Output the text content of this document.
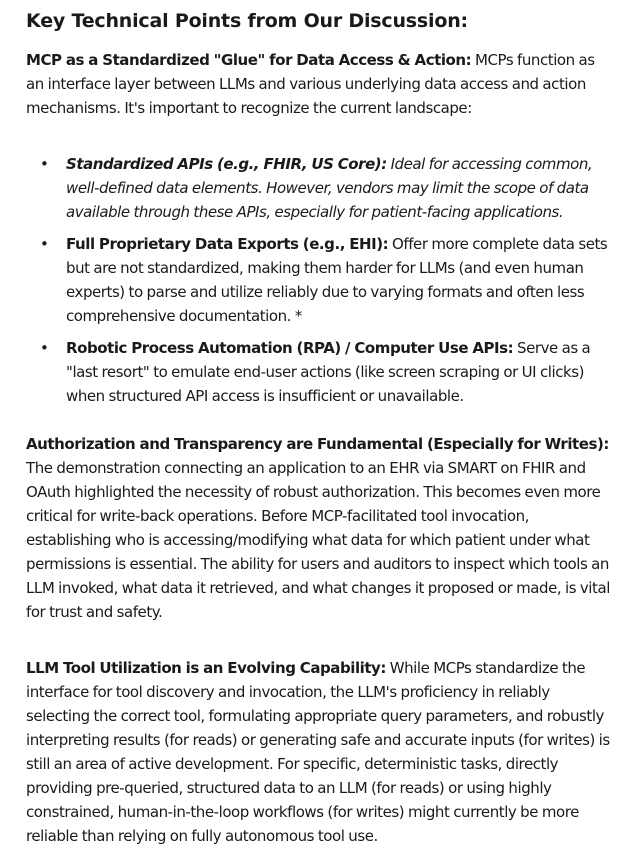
Key Technical Points from Our Discussion:

MCP as a Standardized "Glue" for Data Access & Action: MCPs function as an interface layer between LLMs and various underlying data access and action mechanisms. It's important to recognize the current landscape:

• Standardized APIs (e.g., FHIR, US Core): Ideal for accessing common, well-defined data elements. However, vendors may limit the scope of data available through these APIs, especially for patient-facing applications.
• Full Proprietary Data Exports (e.g., EHI): Offer more complete data sets but are not standardized, making them harder for LLMs (and even human experts) to parse and utilize reliably due to varying formats and often less comprehensive documentation. *
• Robotic Process Automation (RPA) / Computer Use APIs: Serve as a "last resort" to emulate end-user actions (like screen scraping or UI clicks) when structured API access is insufficient or unavailable.

Authorization and Transparency are Fundamental (Especially for Writes): The demonstration connecting an application to an EHR via SMART on FHIR and OAuth highlighted the necessity of robust authorization. This becomes even more critical for write-back operations. Before MCP-facilitated tool invocation, establishing who is accessing/modifying what data for which patient under what permissions is essential. The ability for users and auditors to inspect which tools an LLM invoked, what data it retrieved, and what changes it proposed or made, is vital for trust and safety.

LLM Tool Utilization is an Evolving Capability: While MCPs standardize the interface for tool discovery and invocation, the LLM's proficiency in reliably selecting the correct tool, formulating appropriate query parameters, and robustly interpreting results (for reads) or generating safe and accurate inputs (for writes) is still an area of active development. For specific, deterministic tasks, directly providing pre-queried, structured data to an LLM (for reads) or using highly constrained, human-in-the-loop workflows (for writes) might currently be more reliable than relying on fully autonomous tool use.
